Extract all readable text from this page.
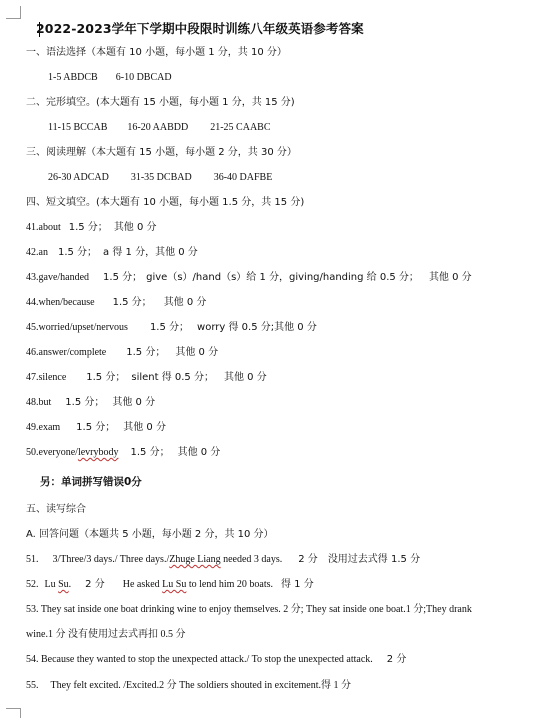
2022-2023学年下学期中段限时训练八年级英语参考答案
一、语法选择（本题有 10 小题，每小题 1 分，共 10 分）
1-5 ABDCB 6-10 DBCAD
二、完形填空。(本大题有 15 小题，每小题 1 分，共 15 分)
11-15 BCCAB 16-20 AABDD 21-25 CAABC
三、阅读理解（本大题有 15 小题，每小题 2 分，共 30 分）
26-30 ADCAD 31-35 DCBAD 36-40 DAFBE
四、短文填空。(本大题有 10 小题，每小题 1.5 分，共 15 分)
41.about 1.5 分； 其他 0 分
42.an 1.5 分； a 得 1 分，其他 0 分
43.gave/handed 1.5 分； give（s）/hand（s）给 1 分，giving/handing 给 0.5 分； 其他 0 分
44.when/because 1.5 分； 其他 0 分
45.worried/upset/nervous 1.5 分； worry 得 0.5 分;其他 0 分
46.answer/complete 1.5 分； 其他 0 分
47.silence 1.5 分； silent 得 0.5 分； 其他 0 分
48.but 1.5 分； 其他 0 分
49.exam 1.5 分； 其他 0 分
50.everyone/levrybody 1.5 分； 其他 0 分
另：单词拼写错误0分
五、读写综合
A. 回答问题（本题共 5 小题，每小题 2 分，共 10 分）
51. 3/Three/3 days./ Three days./Zhuge Liang needed 3 days. 2 分 没用过去式得 1.5 分
52. Lu Su. 2 分 He asked Lu Su to lend him 20 boats. 得 1 分
53. They sat inside one boat drinking wine to enjoy themselves. 2 分; They sat inside one boat.1 分;They drank
wine.1 分 没有使用过去式再扣 0.5 分
54. Because they wanted to stop the unexpected attack./ To stop the unexpected attack. 2 分
55. They felt excited. /Excited.2 分 The soldiers shouted in excitement.得 1 分
